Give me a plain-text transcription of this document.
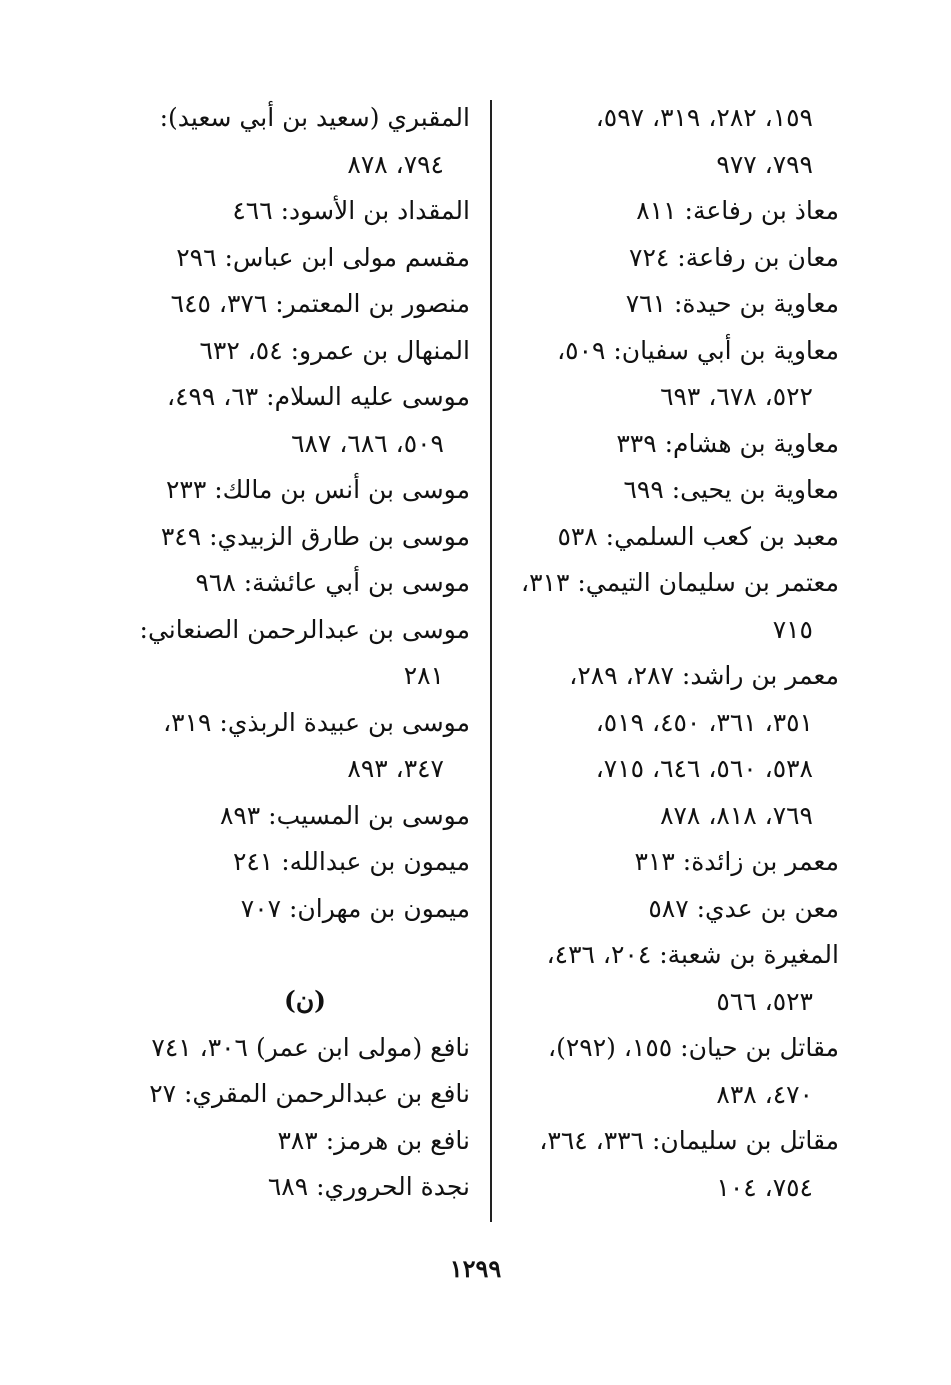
١٥٩، ٢٨٢، ٣١٩، ٥٩٧،
٧٩٩، ٩٧٧
معاذ بن رفاعة: ٨١١
معان بن رفاعة: ٧٢٤
معاوية بن حيدة: ٧٦١
معاوية بن أبي سفيان: ٥٠٩،
٥٢٢، ٦٧٨، ٦٩٣
معاوية بن هشام: ٣٣٩
معاوية بن يحيى: ٦٩٩
معبد بن كعب السلمي: ٥٣٨
معتمر بن سليمان التيمي: ٣١٣،
٧١٥
معمر بن راشد: ٢٨٧، ٢٨٩،
٣٥١، ٣٦١، ٤٥٠، ٥١٩،
٥٣٨، ٥٦٠، ٦٤٦، ٧١٥،
٧٦٩، ٨١٨، ٨٧٨
معمر بن زائدة: ٣١٣
معن بن عدي: ٥٨٧
المغيرة بن شعبة: ٢٠٤، ٤٣٦،
٥٢٣، ٥٦٦
مقاتل بن حيان: ١٥٥، (٢٩٢)،
٤٧٠، ٨٣٨
مقاتل بن سليمان: ٣٣٦، ٣٦٤،
٧٥٤، ١٠٤
المقبري (سعيد بن أبي سعيد):
٧٩٤، ٨٧٨
المقداد بن الأسود: ٤٦٦
مقسم مولى ابن عباس: ٢٩٦
منصور بن المعتمر: ٣٧٦، ٦٤٥
المنهال بن عمرو: ٥٤، ٦٣٢
موسى عليه السلام: ٦٣، ٤٩٩،
٥٠٩، ٦٨٦، ٦٨٧
موسى بن أنس بن مالك: ٢٣٣
موسى بن طارق الزبيدي: ٣٤٩
موسى بن أبي عائشة: ٩٦٨
موسى بن عبدالرحمن الصنعاني:
٢٨١
موسى بن عبيدة الربذي: ٣١٩،
٣٤٧، ٨٩٣
موسى بن المسيب: ٨٩٣
ميمون بن عبدالله: ٢٤١
ميمون بن مهران: ٧٠٧
(ن)
نافع (مولى ابن عمر) ٣٠٦، ٧٤١
نافع بن عبدالرحمن المقري: ٢٧
نافع بن هرمز: ٣٨٣
نجدة الحروري: ٦٨٩
١٢٩٩
